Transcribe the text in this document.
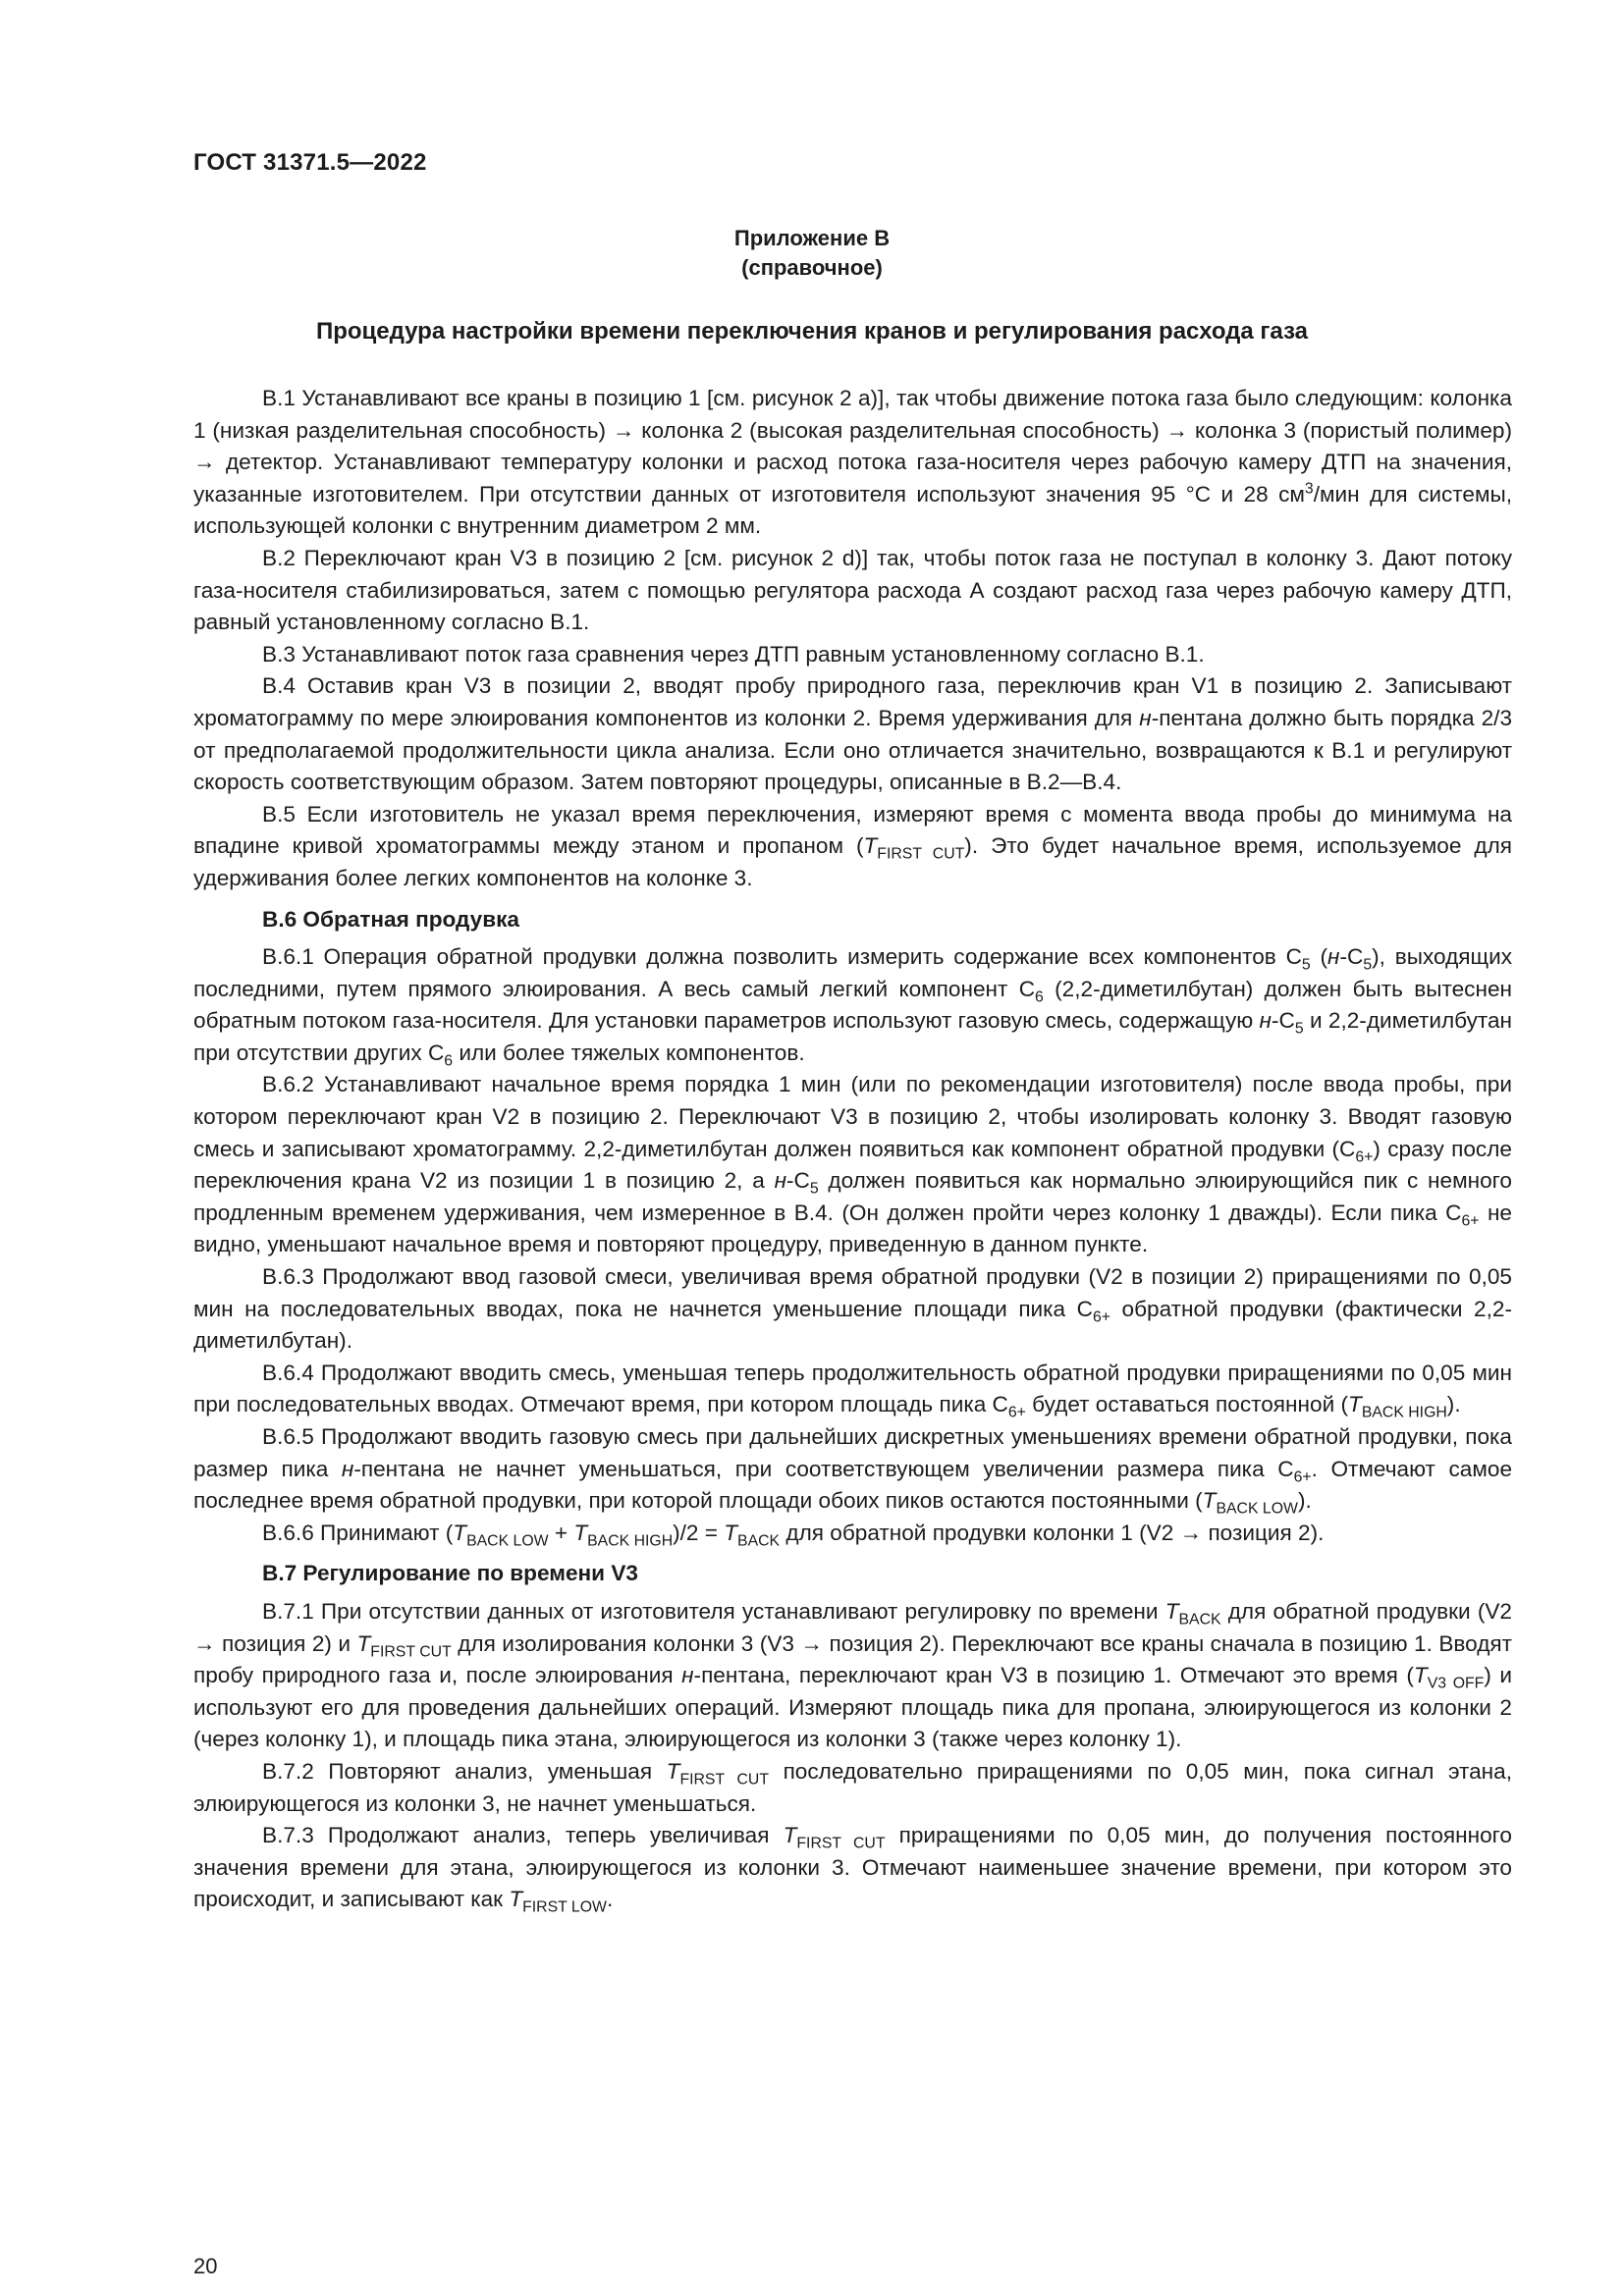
ГОСТ 31371.5—2022
Приложение В
(справочное)
Процедура настройки времени переключения кранов и регулирования расхода газа

В.1 Устанавливают все краны в позицию 1 [см. рисунок 2 а)], так чтобы движение потока газа было следующим: колонка 1 (низкая разделительная способность) → колонка 2 (высокая разделительная способность) → колонка 3 (пористый полимер) → детектор. Устанавливают температуру колонки и расход потока газа-носителя через рабочую камеру ДТП на значения, указанные изготовителем. При отсутствии данных от изготовителя используют значения 95 °С и 28 $см^3$/мин для системы, использующей колонки с внутренним диаметром 2 мм.

В.2 Переключают кран V3 в позицию 2 [см. рисунок 2 d)] так, чтобы поток газа не поступал в колонку 3. Дают потоку газа-носителя стабилизироваться, затем с помощью регулятора расхода А создают расход газа через рабочую камеру ДТП, равный установленному согласно В.1.

В.3 Устанавливают поток газа сравнения через ДТП равным установленному согласно В.1.

В.4 Оставив кран V3 в позиции 2, вводят пробу природного газа, переключив кран V1 в позицию 2. Записывают хроматограмму по мере элюирования компонентов из колонки 2. Время удерживания для н-пентана должно быть порядка 2/3 от предполагаемой продолжительности цикла анализа. Если оно отличается значительно, возвращаются к В.1 и регулируют скорость соответствующим образом. Затем повторяют процедуры, описанные в В.2—В.4.

В.5 Если изготовитель не указал время переключения, измеряют время с момента ввода пробы до минимума на впадине кривой хроматограммы между этаном и пропаном $(T_{FIRST CUT})$. Это будет начальное время, используемое для удерживания более легких компонентов на колонке 3.

В.6 Обратная продувка

В.6.1 Операция обратной продувки должна позволить измерить содержание всех компонентов $С_5$ $(н-С_5)$, выходящих последними, путем прямого элюирования. А весь самый легкий компонент $С_6$ (2,2-диметилбутан) должен быть вытеснен обратным потоком газа-носителя. Для установки параметров используют газовую смесь, содержащую $н-С_5$ и 2,2-диметилбутан при отсутствии других $С_6$ или более тяжелых компонентов.

В.6.2 Устанавливают начальное время порядка 1 мин (или по рекомендации изготовителя) после ввода пробы, при котором переключают кран V2 в позицию 2. Переключают V3 в позицию 2, чтобы изолировать колонку 3. Вводят газовую смесь и записывают хроматограмму. 2,2-диметилбутан должен появиться как компонент обратной продувки $(С_{6+})$ сразу после переключения крана V2 из позиции 1 в позицию 2, а $н-С_5$ должен появиться как нормально элюирующийся пик с немного продленным временем удерживания, чем измеренное в В.4. (Он должен пройти через колонку 1 дважды). Если пика $С_{6+}$ не видно, уменьшают начальное время и повторяют процедуру, приведенную в данном пункте.

В.6.3 Продолжают ввод газовой смеси, увеличивая время обратной продувки (V2 в позиции 2) приращениями по 0,05 мин на последовательных вводах, пока не начнется уменьшение площади пика $С_{6+}$ обратной продувки (фактически 2,2-диметилбутан).

В.6.4 Продолжают вводить смесь, уменьшая теперь продолжительность обратной продувки приращениями по 0,05 мин при последовательных вводах. Отмечают время, при котором площадь пика $С_{6+}$ будет оставаться постоянной $(T_{BACK HIGH})$.

В.6.5 Продолжают вводить газовую смесь при дальнейших дискретных уменьшениях времени обратной продувки, пока размер пика н-пентана не начнет уменьшаться, при соответствующем увеличении размера пика $С_{6+}$. Отмечают самое последнее время обратной продувки, при которой площади обоих пиков остаются постоянными $(T_{BACK LOW})$.

В.6.6 Принимают $(T_{BACK LOW} + T_{BACK HIGH})/2 = T_{BACK}$ для обратной продувки колонки 1 (V2 → позиция 2).

В.7 Регулирование по времени V3

В.7.1 При отсутствии данных от изготовителя устанавливают регулировку по времени $T_{BACK}$ для обратной продувки (V2 → позиция 2) и $T_{FIRST CUT}$ для изолирования колонки 3 (V3 → позиция 2). Переключают все краны сначала в позицию 1. Вводят пробу природного газа и, после элюирования н-пентана, переключают кран V3 в позицию 1. Отмечают это время $(T_{V3 OFF})$ и используют его для проведения дальнейших операций. Измеряют площадь пика для пропана, элюирующегося из колонки 2 (через колонку 1), и площадь пика этана, элюирующегося из колонки 3 (также через колонку 1).

В.7.2 Повторяют анализ, уменьшая $T_{FIRST CUT}$ последовательно приращениями по 0,05 мин, пока сигнал этана, элюирующегося из колонки 3, не начнет уменьшаться.

В.7.3 Продолжают анализ, теперь увеличивая $T_{FIRST CUT}$ приращениями по 0,05 мин, до получения постоянного значения времени для этана, элюирующегося из колонки 3. Отмечают наименьшее значение времени, при котором это происходит, и записывают как $T_{FIRST LOW}$.

20
